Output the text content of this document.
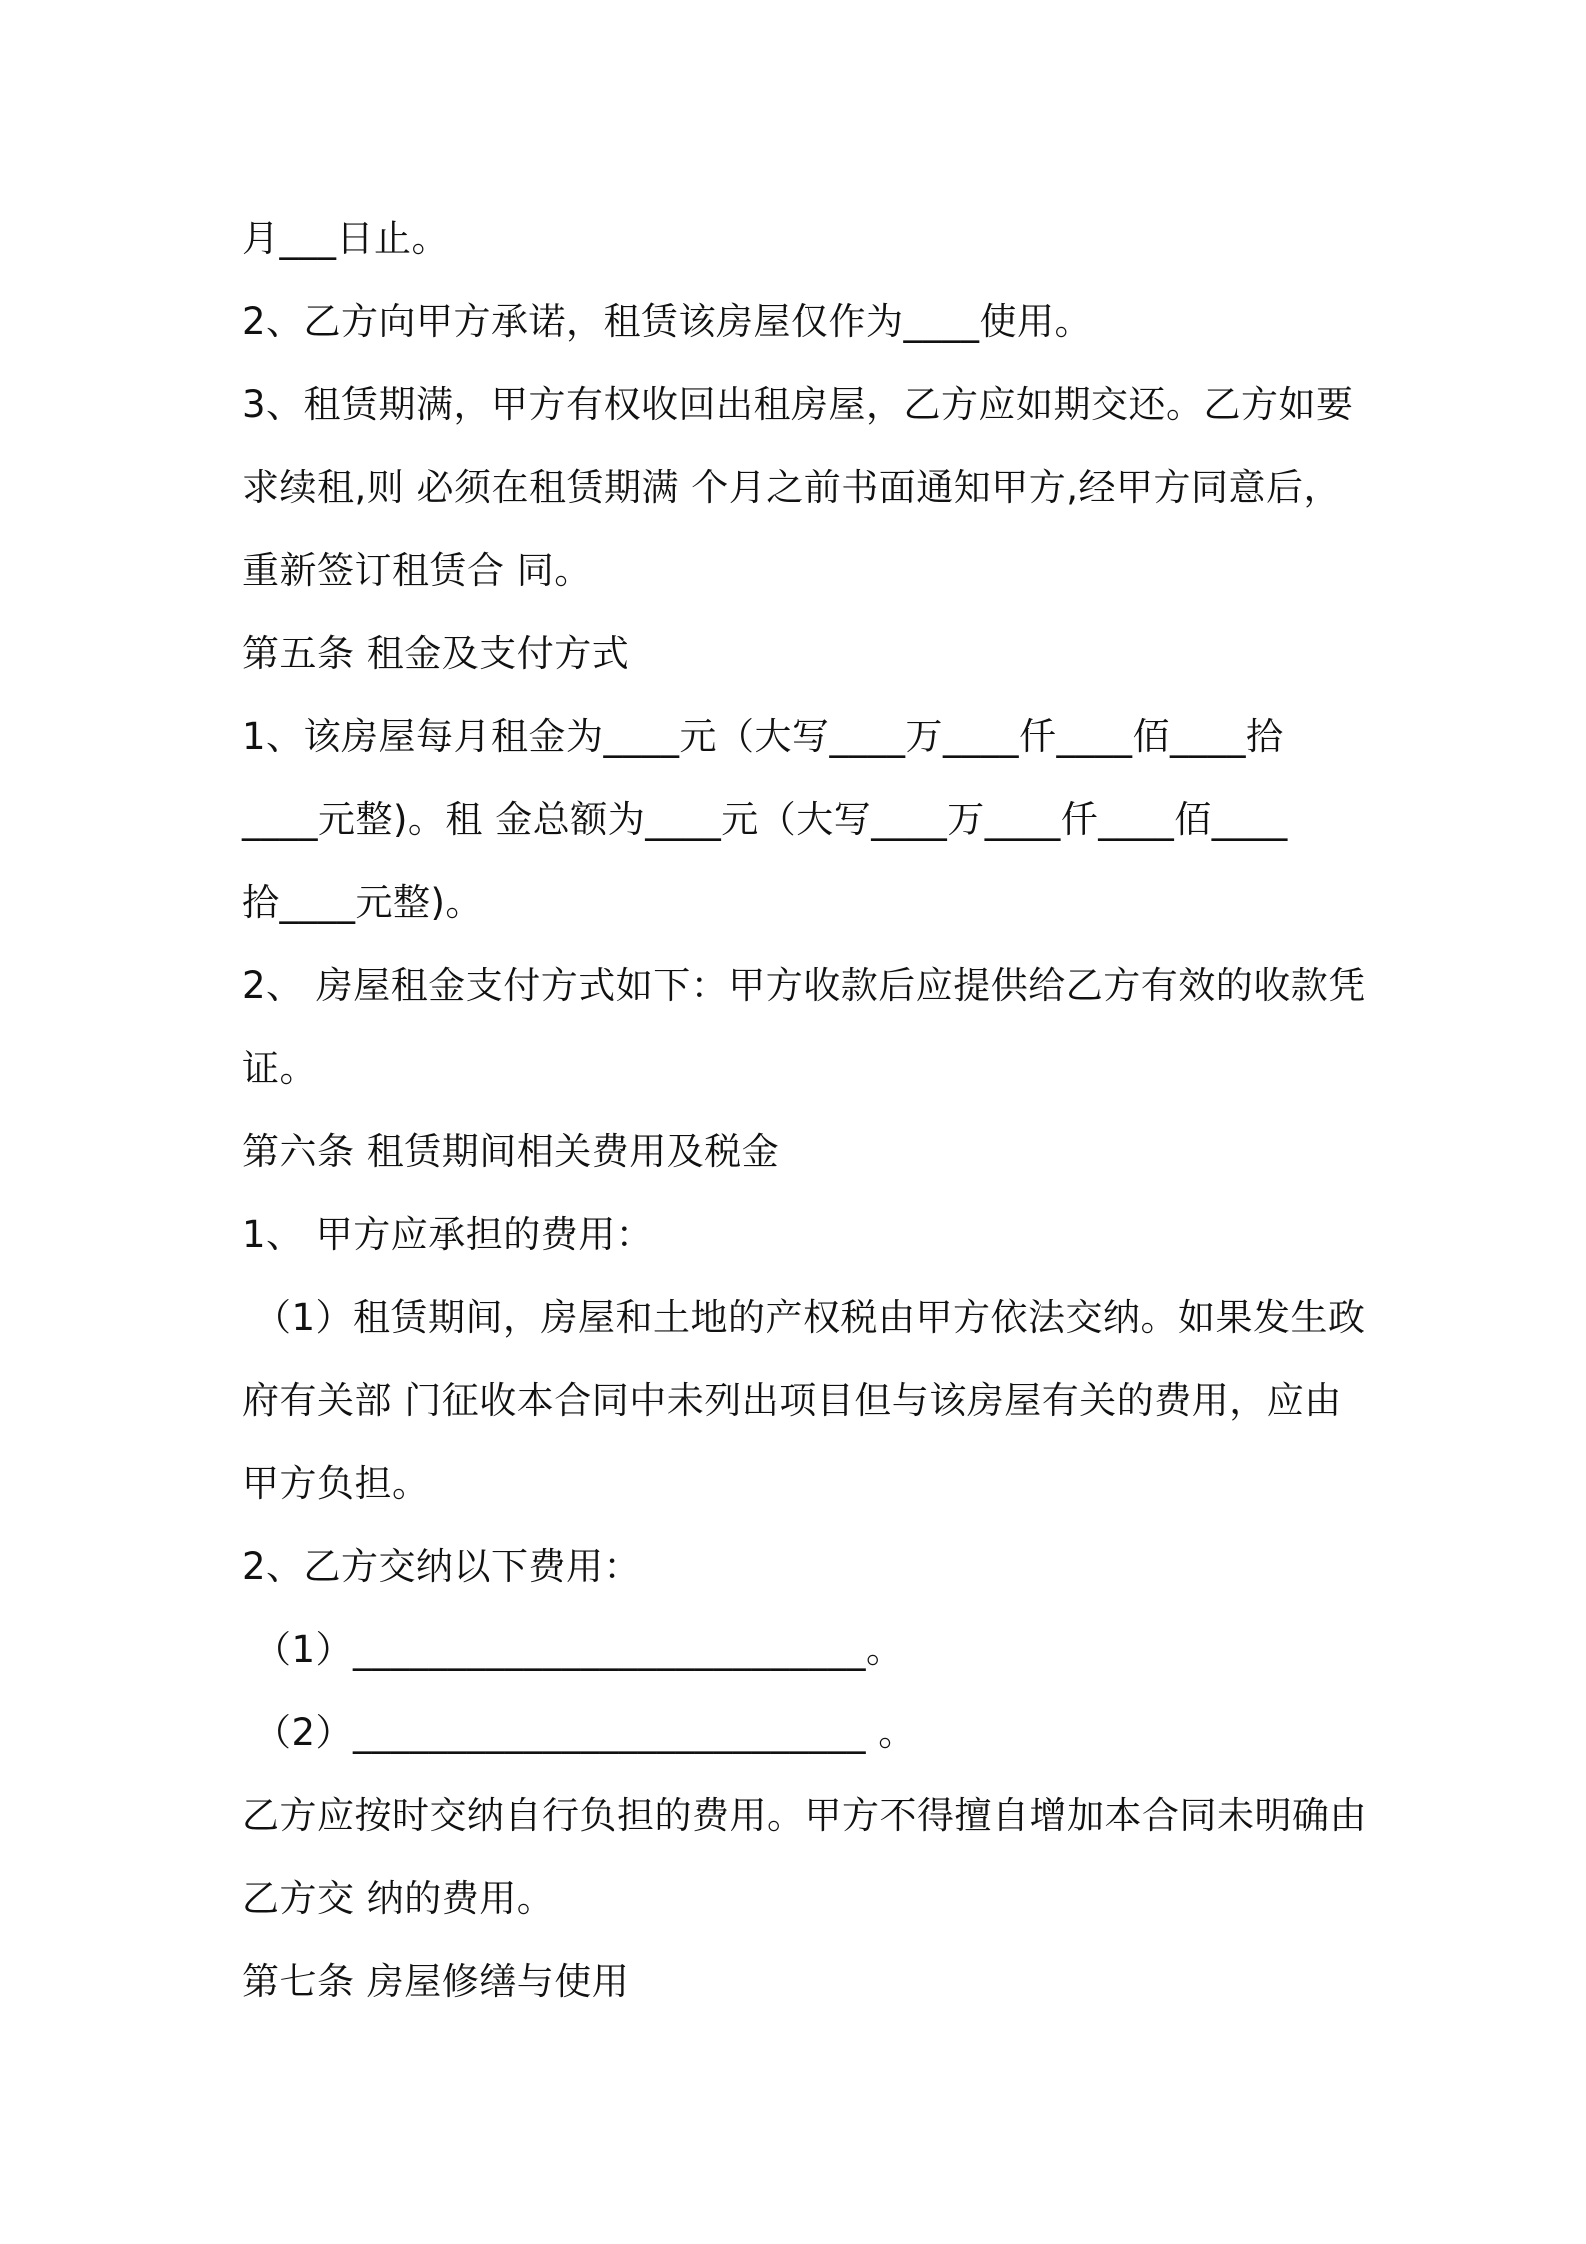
月___日止。
2、乙方向甲方承诺，租赁该房屋仅作为____使用。
3、租赁期满，甲方有权收回出租房屋，乙方应如期交还。乙方如要
求续租,则 必须在租赁期满 个月之前书面通知甲方,经甲方同意后，
重新签订租赁合 同。
第五条 租金及支付方式
1、该房屋每月租金为____元（大写____万____仟____佰____拾
____元整)。租 金总额为____元（大写____万____仟____佰____
拾____元整)。
2、 房屋租金支付方式如下：甲方收款后应提供给乙方有效的收款凭
证。
第六条 租赁期间相关费用及税金
1、 甲方应承担的费用：
（1）租赁期间，房屋和土地的产权税由甲方依法交纳。如果发生政
府有关部 门征收本合同中未列出项目但与该房屋有关的费用，应由
甲方负担。
2、乙方交纳以下费用：
（1）___________________________。
（2）___________________________ 。
乙方应按时交纳自行负担的费用。甲方不得擅自增加本合同未明确由
乙方交 纳的费用。
第七条 房屋修缮与使用
